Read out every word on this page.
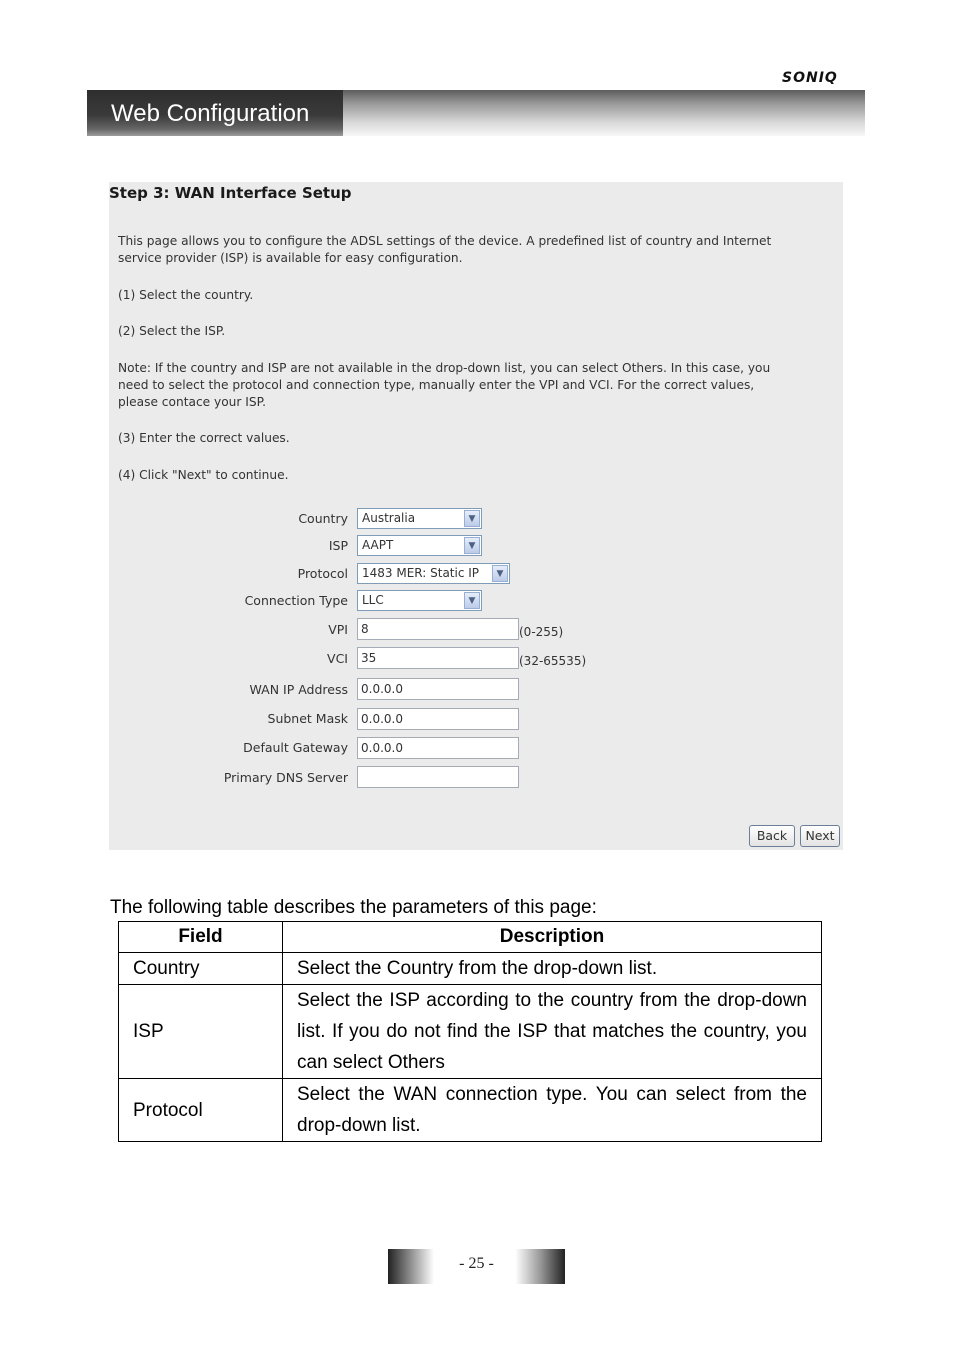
SONIQ
Web Configuration
Step 3: WAN Interface Setup
This page allows you to configure the ADSL settings of the device. A predefined list of country and Internet service provider (ISP) is available for easy configuration.
(1) Select the country.
(2) Select the ISP.
Note: If the country and ISP are not available in the drop-down list, you can select Others. In this case, you need to select the protocol and connection type, manually enter the VPI and VCI. For the correct values, please contace your ISP.
(3) Enter the correct values.
(4) Click "Next" to continue.
Country Australia	▼
ISP AAPT	▼
Protocol 1483 MER: Static IP	▼
Connection Type LLC	▼
VPI	8	(0-255)
VCI	35	(32-65535)
WAN IP Address	0.0.0.0
Subnet Mask	0.0.0.0
Default Gateway	0.0.0.0
Primary DNS Server
Back	Next
The following table describes the parameters of this page:
Field	Description
Country	Select the Country from the drop-down list.
ISP	Select the ISP according to the country from the drop-down list. If you do not find the ISP that matches the country, you can select Others
Protocol	Select the WAN connection type. You can select from the drop-down list.
- 25 -
